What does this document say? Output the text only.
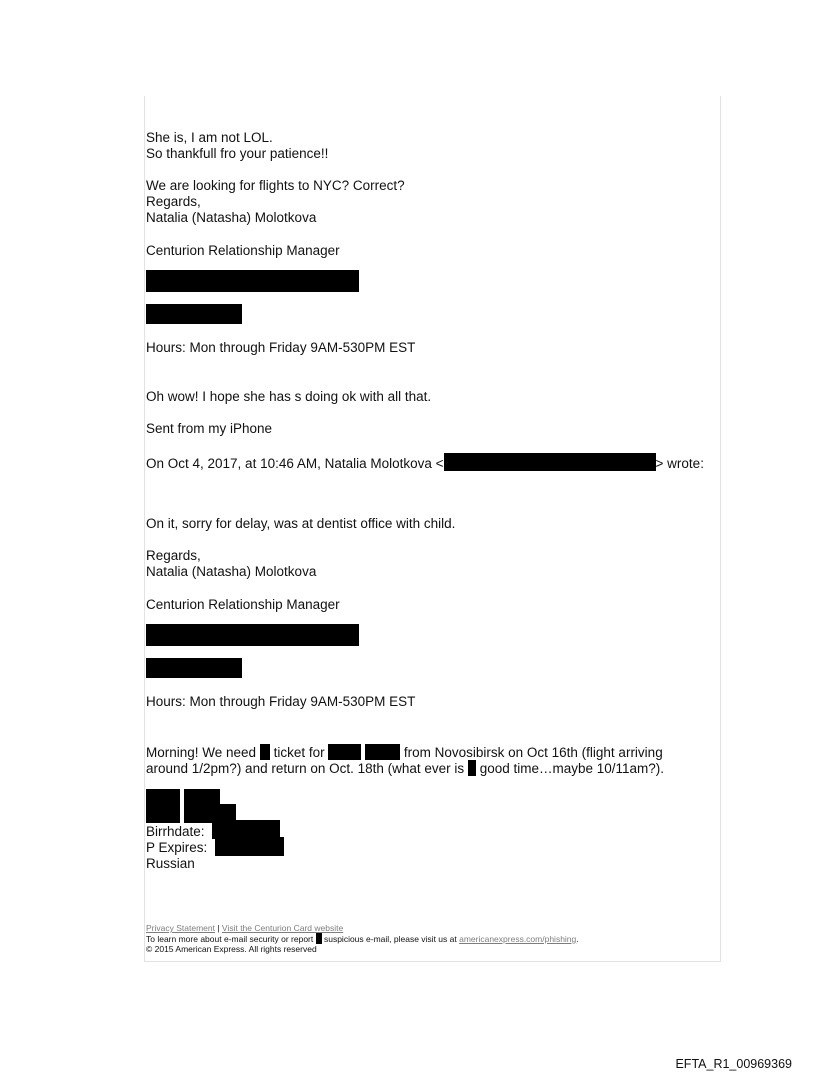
She is, I am not LOL.
So thankfull fro your patience!!
We are looking for flights to NYC? Correct?
Regards,
Natalia (Natasha) Molotkova
Centurion Relationship Manager
Hours: Mon through Friday 9AM-530PM EST
Oh wow! I hope she has s doing ok with all that.
Sent from my iPhone
On Oct 4, 2017, at 10:46 AM, Natalia Molotkova <	> wrote:
On it, sorry for delay, was at dentist office with child.
Regards,
Natalia (Natasha) Molotkova
Centurion Relationship Manager
Hours: Mon through Friday 9AM-530PM EST
Morning! We need  ticket for	from Novosibirsk on Oct 16th (flight arriving
around 1/2pm?) and return on Oct. 18th (what ever is  good time…maybe 10/11am?).
Birrhdate:
P Expires:
Russian
Privacy Statement | Visit the Centurion Card website
To learn more about e-mail security or report  suspicious e-mail, please visit us at americanexpress.com/phishing.
© 2015 American Express. All rights reserved
EFTA_R1_00969369
